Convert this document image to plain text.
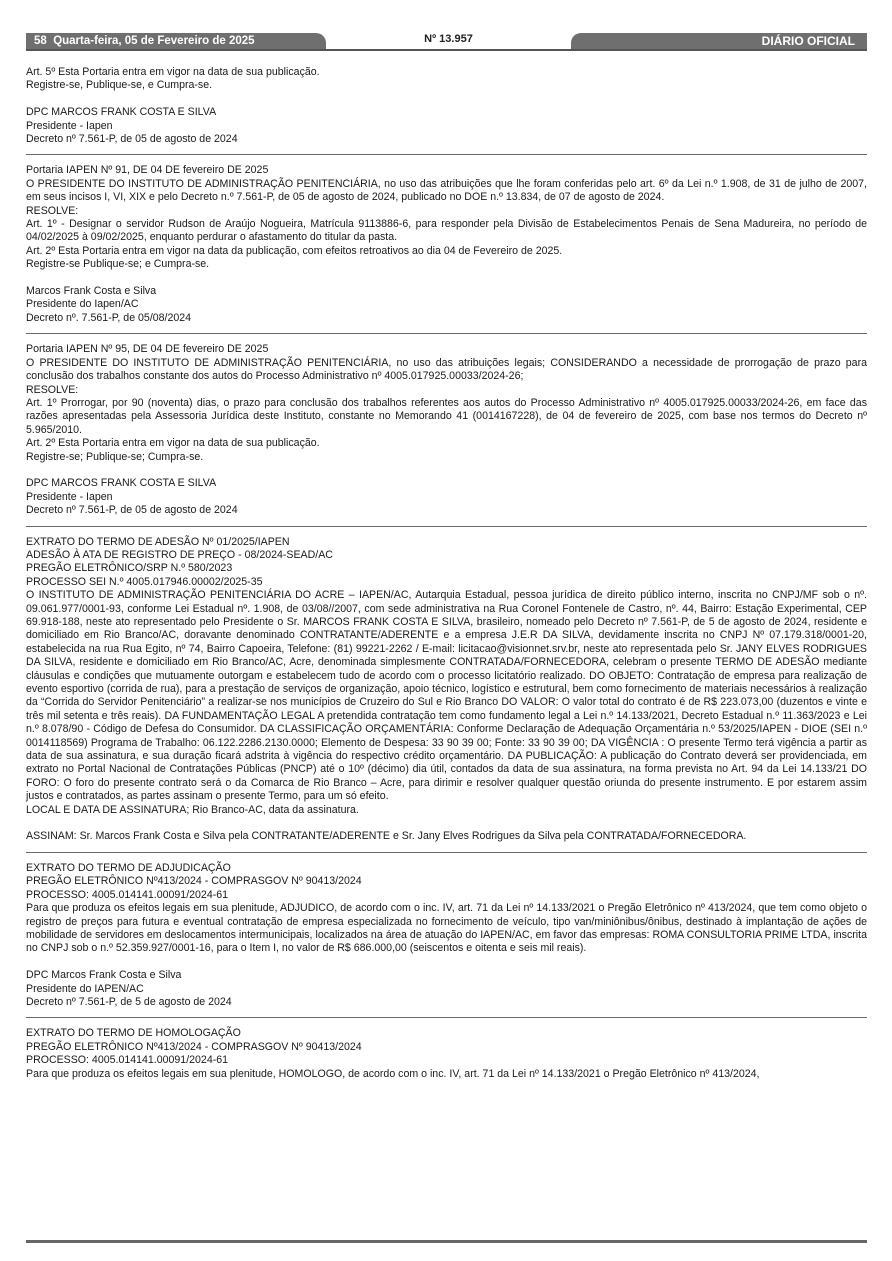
58 Quarta-feira, 05 de Fevereiro de 2025	Nº 13.957	DIÁRIO OFICIAL

Art. 5º Esta Portaria entra em vigor na data de sua publicação.

Registre-se, Publique-se, e Cumpra-se.

DPC MARCOS FRANK COSTA E SILVA

Presidente - Iapen

Decreto nº 7.561-P, de 05 de agosto de 2024

Portaria IAPEN Nº 91, DE 04 DE fevereiro DE 2025

O PRESIDENTE DO INSTITUTO DE ADMINISTRAÇÃO PENITENCIÁRIA, no uso das atribuições que lhe foram conferidas pelo art. 6º da Lei n.º 1.908, de 31 de julho de 2007, em seus incisos I, VI, XIX e pelo Decreto n.º 7.561-P, de 05 de agosto de 2024, publicado no DOE n.º 13.834, de 07 de agosto de 2024.

RESOLVE:

Art. 1º - Designar o servidor Rudson de Araújo Nogueira, Matrícula 9113886-6, para responder pela Divisão de Estabelecimentos Penais de Sena Madureira, no período de 04/02/2025 à 09/02/2025, enquanto perdurar o afastamento do titular da pasta.

Art. 2º Esta Portaria entra em vigor na data da publicação, com efeitos retroativos ao dia 04 de Fevereiro de 2025.

Registre-se Publique-se; e Cumpra-se.

Marcos Frank Costa e Silva

Presidente do Iapen/AC

Decreto nº. 7.561-P, de 05/08/2024

Portaria IAPEN Nº 95, DE 04 DE fevereiro DE 2025

O PRESIDENTE DO INSTITUTO DE ADMINISTRAÇÃO PENITENCIÁRIA, no uso das atribuições legais; CONSIDERANDO a necessidade de prorrogação de prazo para conclusão dos trabalhos constante dos autos do Processo Administrativo nº 4005.017925.00033/2024-26;

RESOLVE:

Art. 1º Prorrogar, por 90 (noventa) dias, o prazo para conclusão dos trabalhos referentes aos autos do Processo Administrativo nº 4005.017925.00033/2024-26, em face das razões apresentadas pela Assessoria Jurídica deste Instituto, constante no Memorando 41 (0014167228), de 04 de fevereiro de 2025, com base nos termos do Decreto nº 5.965/2010.

Art. 2º Esta Portaria entra em vigor na data de sua publicação.

Registre-se; Publique-se; Cumpra-se.

DPC MARCOS FRANK COSTA E SILVA

Presidente - Iapen

Decreto nº 7.561-P, de 05 de agosto de 2024

EXTRATO DO TERMO DE ADESÃO Nº 01/2025/IAPEN

ADESÃO À ATA DE REGISTRO DE PREÇO - 08/2024-SEAD/AC

PREGÃO ELETRÔNICO/SRP N.º 580/2023

PROCESSO SEI N.º 4005.017946.00002/2025-35

O INSTITUTO DE ADMINISTRAÇÃO PENITENCIÁRIA DO ACRE – IAPEN/AC, Autarquia Estadual, pessoa jurídica de direito público interno, inscrita no CNPJ/MF sob o nº. 09.061.977/0001-93, conforme Lei Estadual nº. 1.908, de 03/08//2007, com sede administrativa na Rua Coronel Fontenele de Castro, nº. 44, Bairro: Estação Experimental, CEP 69.918-188, neste ato representado pelo Presidente o Sr. MARCOS FRANK COSTA E SILVA, brasileiro, nomeado pelo Decreto nº 7.561-P, de 5 de agosto de 2024, residente e domiciliado em Rio Branco/AC, doravante denominado CONTRATANTE/ADERENTE e a empresa J.E.R DA SILVA, devidamente inscrita no CNPJ Nº 07.179.318/0001-20, estabelecida na rua Rua Egito, nº 74, Bairro Capoeira, Telefone: (81) 99221-2262 / E-mail: licitacao@visionnet.srv.br, neste ato representada pelo Sr. JANY ELVES RODRIGUES DA SILVA, residente e domiciliado em Rio Branco/AC, Acre, denominada simplesmente CONTRATADA/FORNECEDORA, celebram o presente TERMO DE ADESÃO mediante cláusulas e condições que mutuamente outorgam e estabelecem tudo de acordo com o processo licitatório realizado. DO OBJETO: Contratação de empresa para realização de evento esportivo (corrida de rua), para a prestação de serviços de organização, apoio técnico, logístico e estrutural, bem como fornecimento de materiais necessários à realização da “Corrida do Servidor Penitenciário” a realizar-se nos municípios de Cruzeiro do Sul e Rio Branco DO VALOR: O valor total do contrato é de R$ 223.073,00 (duzentos e vinte e três mil setenta e três reais). DA FUNDAMENTAÇÃO LEGAL A pretendida contratação tem como fundamento legal a Lei n.º 14.133/2021, Decreto Estadual n.º 11.363/2023 e Lei n.º 8.078/90 - Código de Defesa do Consumidor. DA CLASSIFICAÇÃO ORÇAMENTÁRIA: Conforme Declaração de Adequação Orçamentária n.º 53/2025/IAPEN - DIOE (SEI n.º 0014118569) Programa de Trabalho: 06.122.2286.2130.0000; Elemento de Despesa: 33 90 39 00; Fonte: 33 90 39 00; DA VIGÊNCIA : O presente Termo terá vigência a partir as data de sua assinatura, e sua duração ficará adstrita à vigência do respectivo crédito orçamentário. DA PUBLICAÇÃO: A publicação do Contrato deverá ser providenciada, em extrato no Portal Nacional de Contratações Públicas (PNCP) até o 10º (décimo) dia útil, contados da data de sua assinatura, na forma prevista no Art. 94 da Lei 14.133/21 DO FORO: O foro do presente contrato será o da Comarca de Rio Branco – Acre, para dirimir e resolver qualquer questão oriunda do presente instrumento. E por estarem assim justos e contratados, as partes assinam o presente Termo, para um só efeito.

LOCAL E DATA DE ASSINATURA; Rio Branco-AC, data da assinatura.

ASSINAM: Sr. Marcos Frank Costa e Silva pela CONTRATANTE/ADERENTE e Sr. Jany Elves Rodrigues da Silva pela CONTRATADA/FORNECEDORA.

EXTRATO DO TERMO DE ADJUDICAÇÃO

PREGÃO ELETRÔNICO Nº413/2024 - COMPRASGOV Nº 90413/2024

PROCESSO: 4005.014141.00091/2024-61

Para que produza os efeitos legais em sua plenitude, ADJUDICO, de acordo com o inc. IV, art. 71 da Lei nº 14.133/2021 o Pregão Eletrônico nº 413/2024, que tem como objeto o registro de preços para futura e eventual contratação de empresa especializada no fornecimento de veículo, tipo van/miniônibus/ônibus, destinado à implantação de ações de mobilidade de servidores em deslocamentos intermunicipais, localizados na área de atuação do IAPEN/AC, em favor das empresas: ROMA CONSULTORIA PRIME LTDA, inscrita no CNPJ sob o n.º 52.359.927/0001-16, para o Item I, no valor de R$ 686.000,00 (seiscentos e oitenta e seis mil reais).

DPC Marcos Frank Costa e Silva

Presidente do IAPEN/AC

Decreto nº 7.561-P, de 5 de agosto de 2024

EXTRATO DO TERMO DE HOMOLOGAÇÃO

PREGÃO ELETRÔNICO Nº413/2024 - COMPRASGOV Nº 90413/2024

PROCESSO: 4005.014141.00091/2024-61

Para que produza os efeitos legais em sua plenitude, HOMOLOGO, de acordo com o inc. IV, art. 71 da Lei nº 14.133/2021 o Pregão Eletrônico nº 413/2024,
